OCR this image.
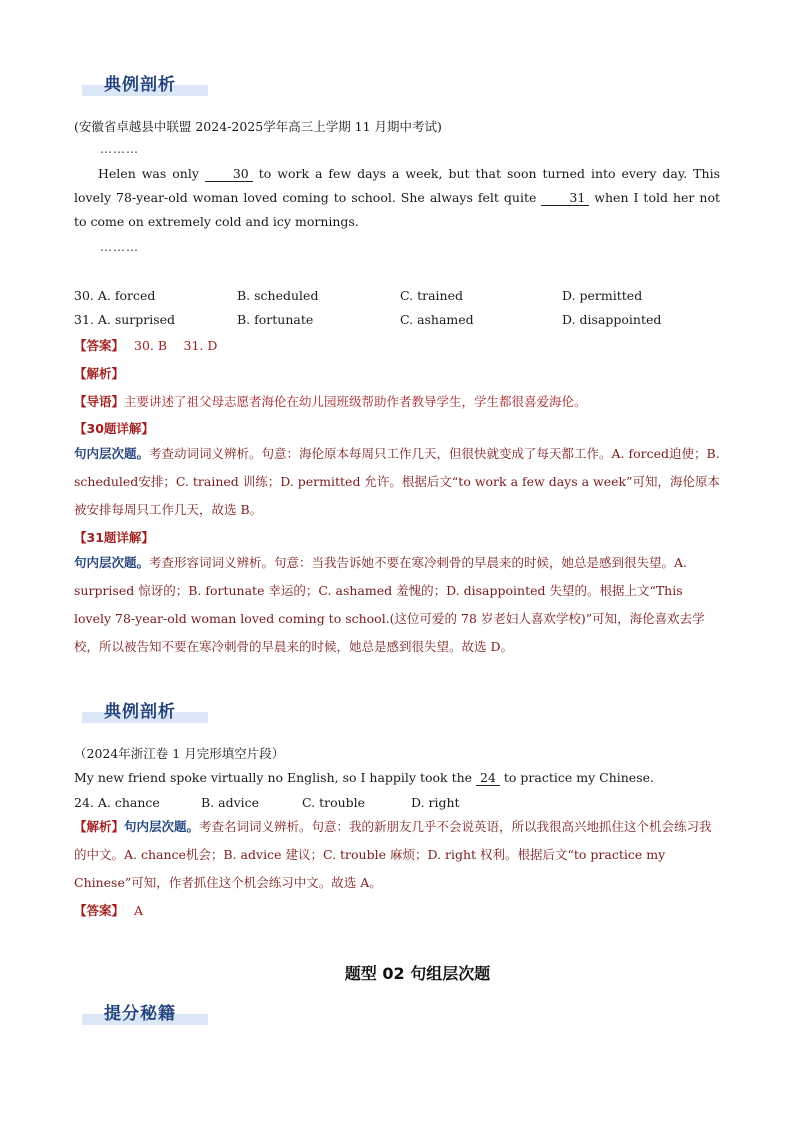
典例剖析
(安徽省卓越县中联盟 2024-2025学年高三上学期 11 月期中考试)
………
Helen was only 30 to work a few days a week, but that soon turned into every day. This lovely 78-year-old woman loved coming to school. She always felt quite 31 when I told her not to come on extremely cold and icy mornings.
………
30. A. forced	B. scheduled	C. trained	D. permitted
31. A. surprised	B. fortunate	C. ashamed	D. disappointed
【答案】 30. B　 31. D
【解析】
【导语】主要讲述了祖父母志愿者海伦在幼儿园班级帮助作者教导学生，学生都很喜爱海伦。
【30题详解】
句内层次题。考查动词词义辨析。句意：海伦原本每周只工作几天，但很快就变成了每天都工作。A. forced迫使；B. scheduled安排；C. trained 训练；D. permitted 允许。根据后文“to work a few days a week”可知，海伦原本被安排每周只工作几天，故选 B。
【31题详解】
句内层次题。考查形容词词义辨析。句意：当我告诉她不要在寒冷刺骨的早晨来的时候，她总是感到很失望。A. surprised 惊讶的；B. fortunate 幸运的；C. ashamed 羞愧的；D. disappointed 失望的。根据上文“This lovely 78-year-old woman loved coming to school.(这位可爱的 78 岁老妇人喜欢学校)”可知，海伦喜欢去学校，所以被告知不要在寒冷刺骨的早晨来的时候，她总是感到很失望。故选 D。
典例剖析
（2024年浙江卷 1 月完形填空片段）
My new friend spoke virtually no English, so I happily took the 24 to practice my Chinese.
24. A. chance	B. advice	C. trouble	D. right
【解析】句内层次题。考查名词词义辨析。句意：我的新朋友几乎不会说英语，所以我很高兴地抓住这个机会练习我的中文。A. chance机会；B. advice 建议；C. trouble 麻烦；D. right 权利。根据后文“to practice my Chinese”可知，作者抓住这个机会练习中文。故选 A。
【答案】 A
题型 02 句组层次题
提分秘籍
